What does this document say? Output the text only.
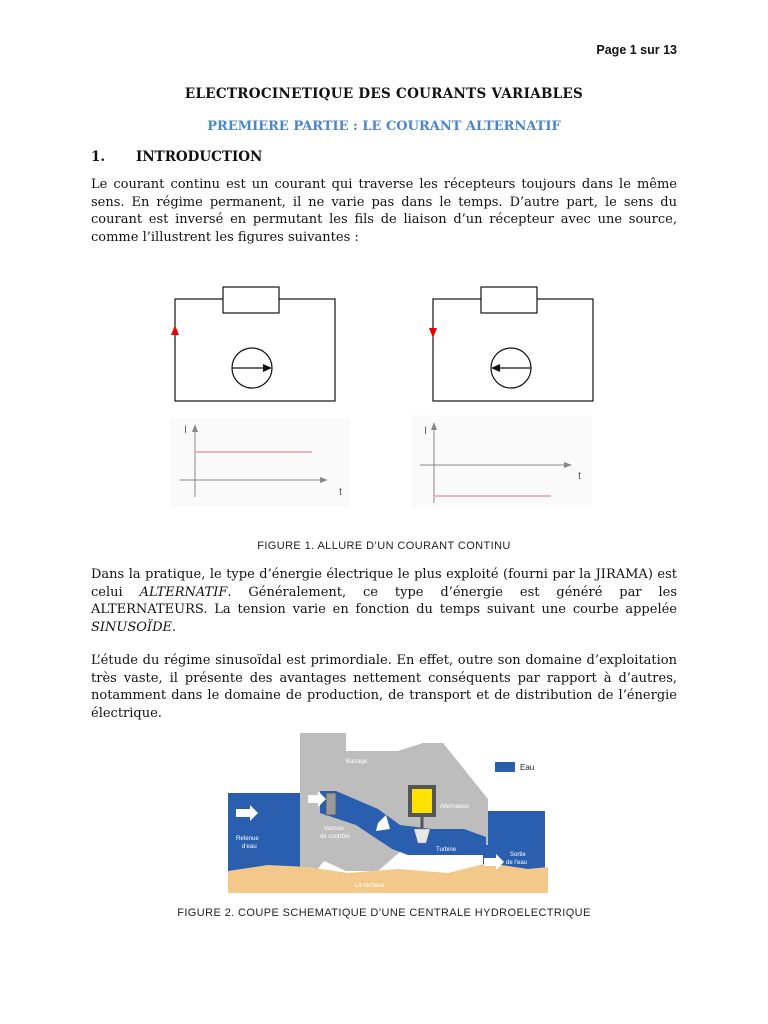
Page 1 sur 13
ELECTROCINETIQUE DES COURANTS VARIABLES
PREMIERE PARTIE : LE COURANT ALTERNATIF
1. INTRODUCTION
Le courant continu est un courant qui traverse les récepteurs toujours dans le même sens. En régime permanent, il ne varie pas dans le temps. D’autre part, le sens du courant est inversé en permutant les fils de liaison d’un récepteur avec une source, comme l’illustrent les figures suivantes :
I
t
I
t
FIGURE 1. ALLURE D’UN COURANT CONTINU
Dans la pratique, le type d’énergie électrique le plus exploité (fourni par la JIRAMA) est celui ALTERNATIF. Généralement, ce type d’énergie est généré par les ALTERNATEURS. La tension varie en fonction du temps suivant une courbe appelée SINUSOÏDE.
L’étude du régime sinusoïdal est primordiale. En effet, outre son domaine d’exploitation très vaste, il présente des avantages nettement conséquents par rapport à d’autres, notamment dans le domaine de production, de transport et de distribution de l’énergie électrique.
Eau
Barrage
Retenue
d’eau
Vannes
de contrôle
Alternateur
Turbine
Sortie
de l’eau
Lit rocheux
FIGURE 2. COUPE SCHEMATIQUE D’UNE CENTRALE HYDROELECTRIQUE
